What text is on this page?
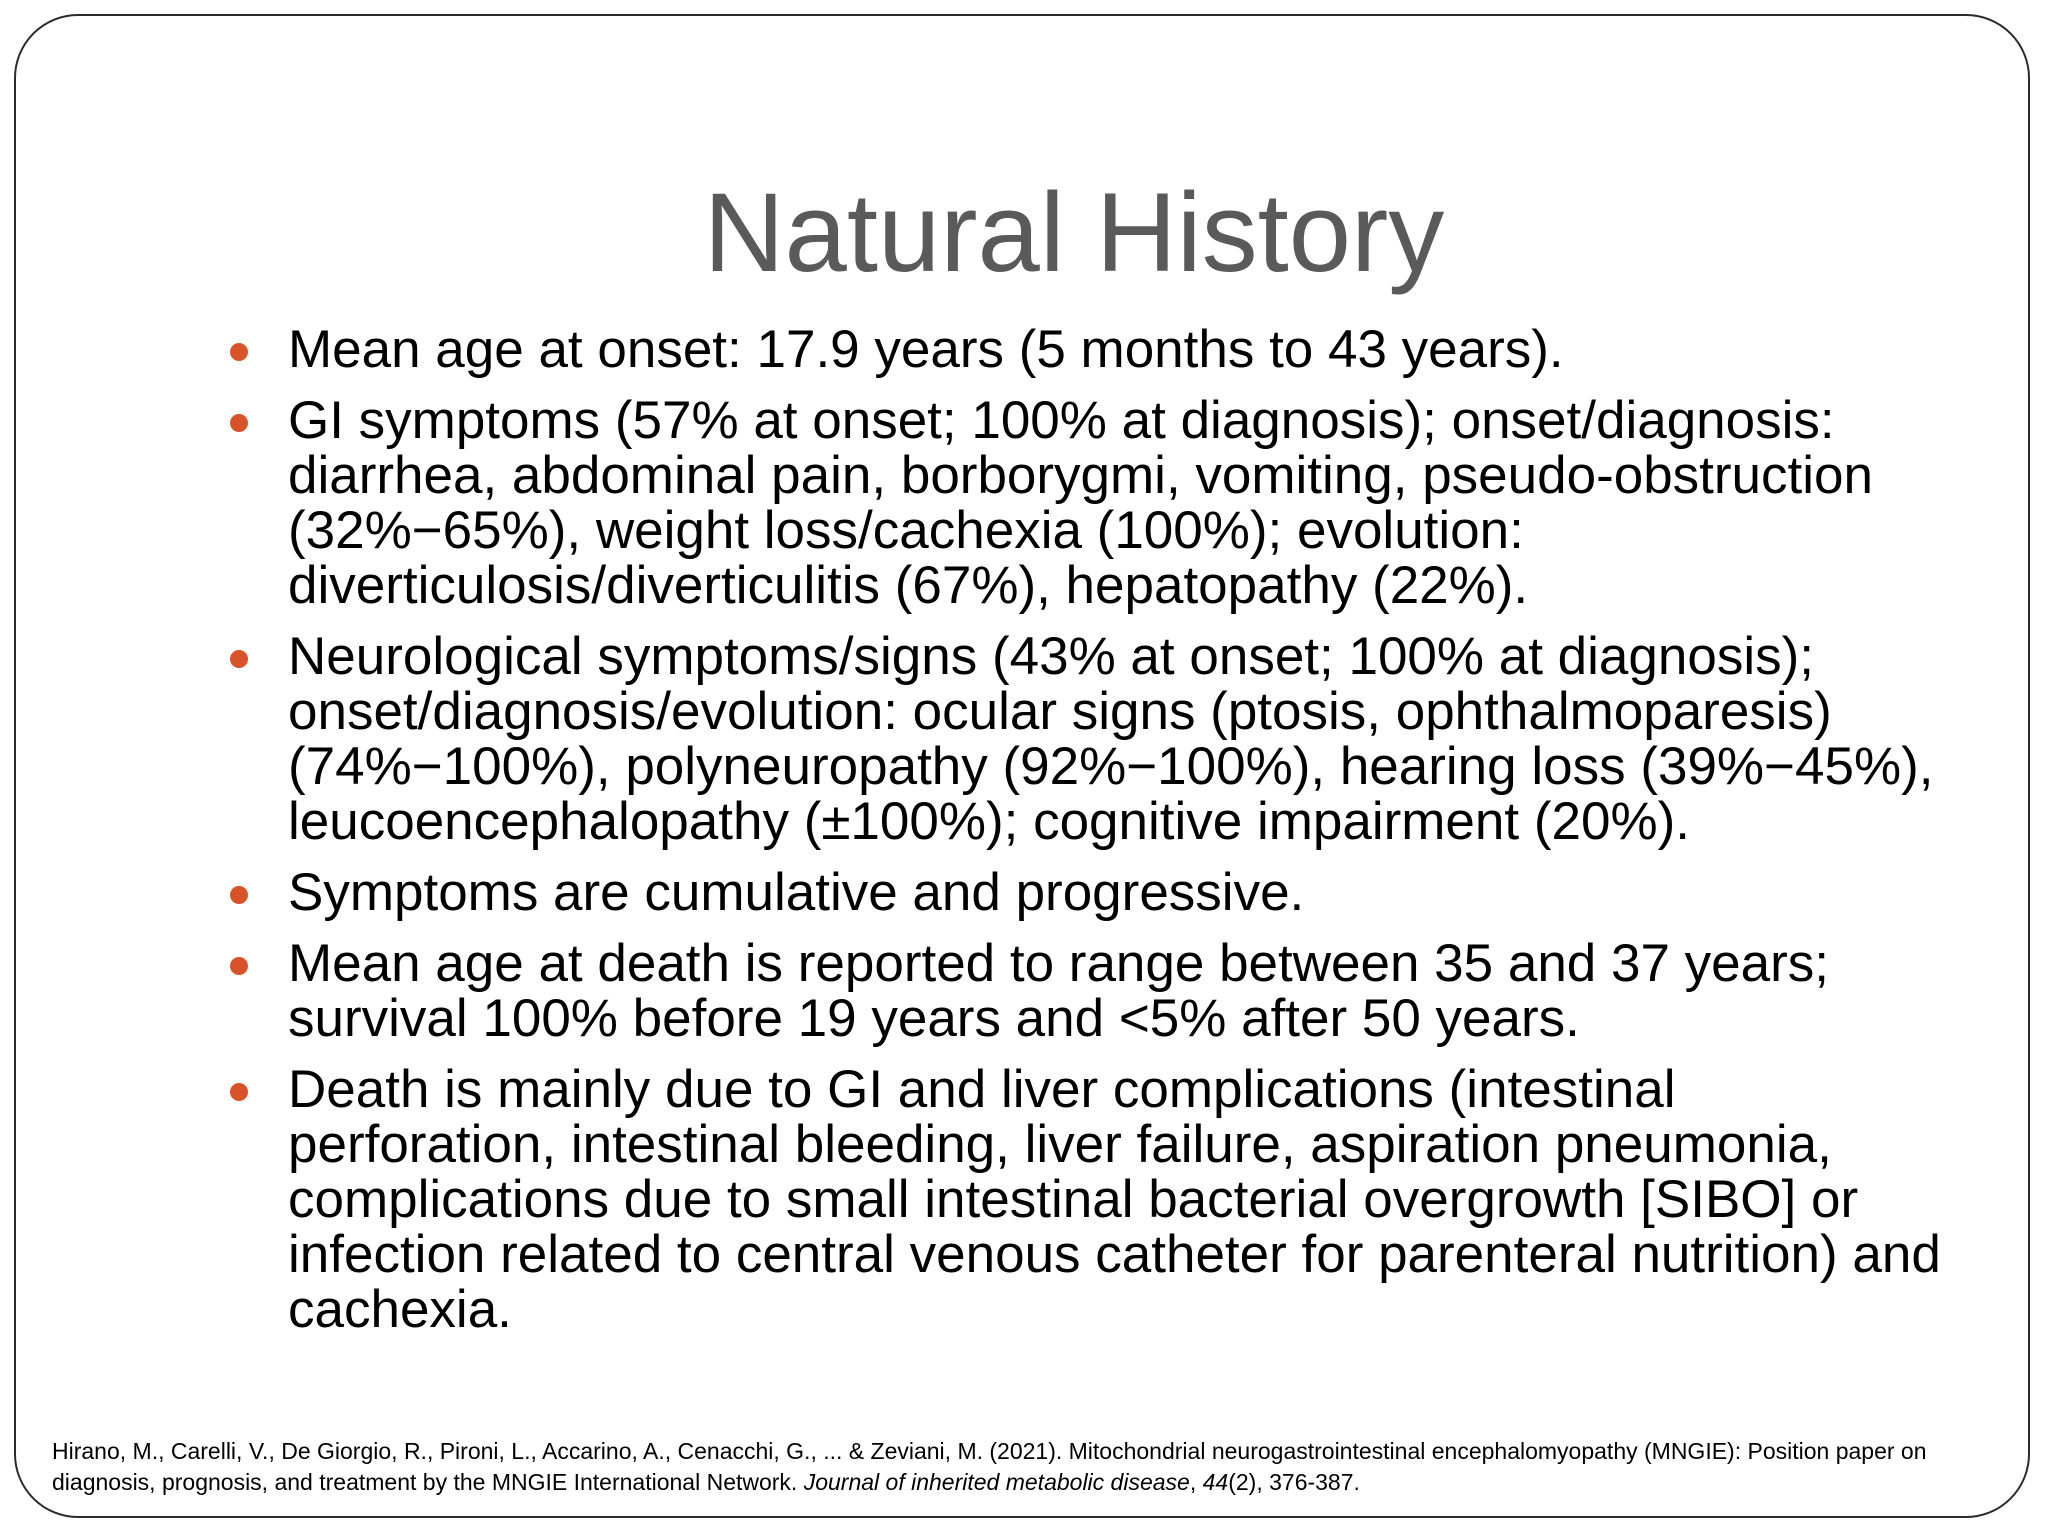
Natural History
Mean age at onset: 17.9 years (5 months to 43 years).
GI symptoms (57% at onset; 100% at diagnosis); onset/diagnosis: diarrhea, abdominal pain, borborygmi, vomiting, pseudo-obstruction (32%−65%), weight loss/cachexia (100%); evolution: diverticulosis/diverticulitis (67%), hepatopathy (22%).
Neurological symptoms/signs (43% at onset; 100% at diagnosis); onset/diagnosis/evolution: ocular signs (ptosis, ophthalmoparesis) (74%−100%), polyneuropathy (92%−100%), hearing loss (39%−45%), leucoencephalopathy (±100%); cognitive impairment (20%).
Symptoms are cumulative and progressive.
Mean age at death is reported to range between 35 and 37 years; survival 100% before 19 years and <5% after 50 years.
Death is mainly due to GI and liver complications (intestinal perforation, intestinal bleeding, liver failure, aspiration pneumonia, complications due to small intestinal bacterial overgrowth [SIBO] or infection related to central venous catheter for parenteral nutrition) and cachexia.
Hirano, M., Carelli, V., De Giorgio, R., Pironi, L., Accarino, A., Cenacchi, G., ... & Zeviani, M. (2021). Mitochondrial neurogastrointestinal encephalomyopathy (MNGIE): Position paper on diagnosis, prognosis, and treatment by the MNGIE International Network. Journal of inherited metabolic disease, 44(2), 376-387.
